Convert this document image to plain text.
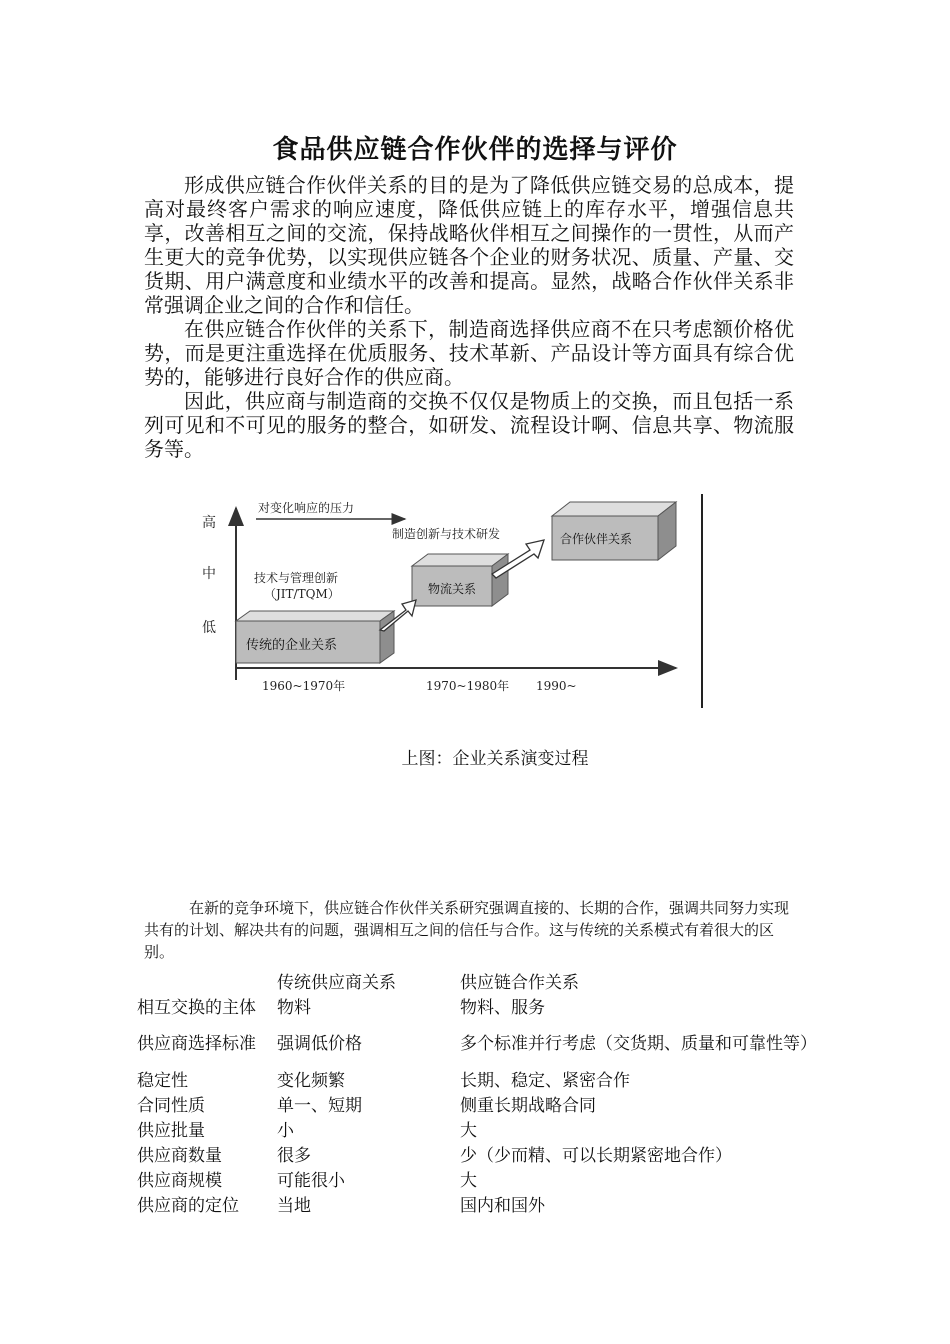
食品供应链合作伙伴的选择与评价

形成供应链合作伙伴关系的目的是为了降低供应链交易的总成本，提高对最终客户需求的响应速度，降低供应链上的库存水平，增强信息共享，改善相互之间的交流，保持战略伙伴相互之间操作的一贯性，从而产生更大的竞争优势，以实现供应链各个企业的财务状况、质量、产量、交货期、用户满意度和业绩水平的改善和提高。显然，战略合作伙伴关系非常强调企业之间的合作和信任。

在供应链合作伙伴的关系下，制造商选择供应商不在只考虑额价格优势，而是更注重选择在优质服务、技术革新、产品设计等方面具有综合优势的，能够进行良好合作的供应商。

因此，供应商与制造商的交换不仅仅是物质上的交换，而且包括一系列可见和不可见的服务的整合，如研发、流程设计啊、信息共享、物流服务等。

高
中
低
对变化响应的压力
制造创新与技术研发
技术与管理创新
（JIT/TQM）
传统的企业关系
物流关系
合作伙伴关系
1960~1970年	1970~1980年 1990~
上图：企业关系演变过程

在新的竞争环境下，供应链合作伙伴关系研究强调直接的、长期的合作，强调共同努力实现共有的计划、解决共有的问题，强调相互之间的信任与合作。这与传统的关系模式有着很大的区别。

	传统供应商关系	供应链合作关系
相互交换的主体	物料	物料、服务
供应商选择标准	强调低价格	多个标准并行考虑（交货期、质量和可靠性等）
稳定性	变化频繁	长期、稳定、紧密合作
合同性质	单一、短期	侧重长期战略合同
供应批量	小	大
供应商数量	很多	少（少而精、可以长期紧密地合作）
供应商规模	可能很小	大
供应商的定位	当地	国内和国外
